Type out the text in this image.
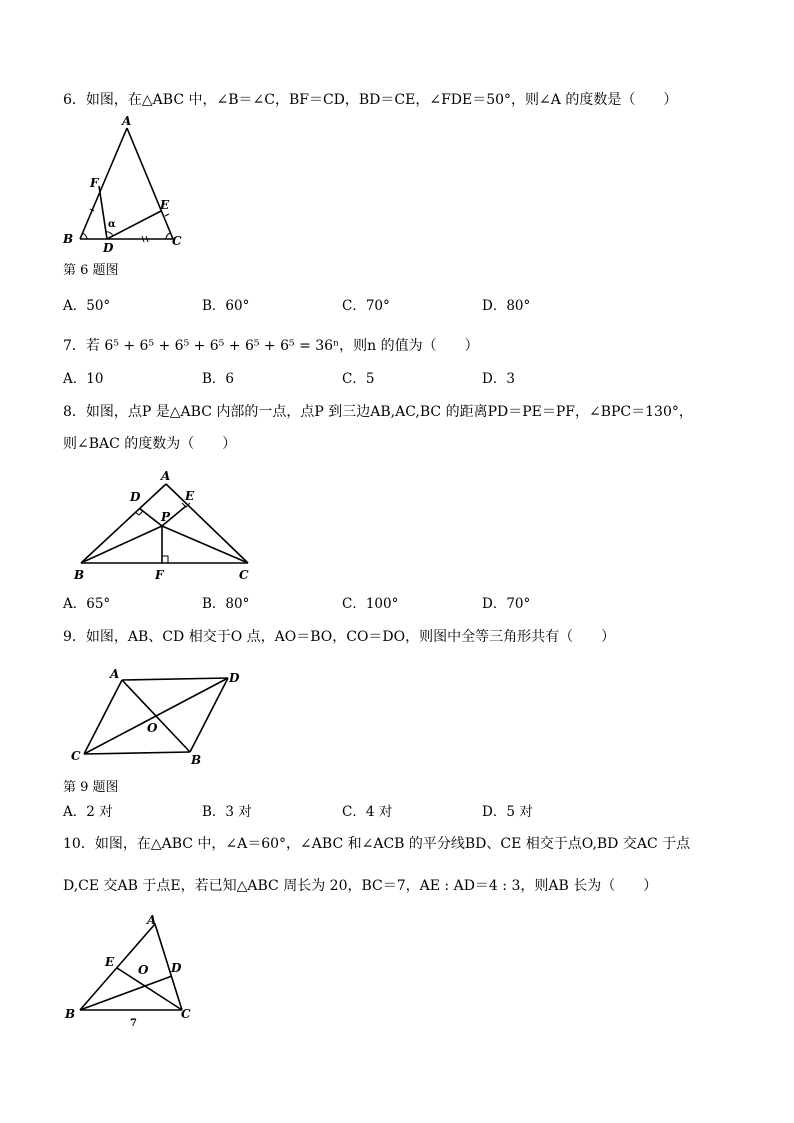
6．如图，在△ABC 中，∠B＝∠C，BF＝CD，BD＝CE，∠FDE＝50°，则∠A 的度数是（　　）
A
F
E
α
B
D	C
第 6 题图
A．50°	B．60°	C．70°	D．80°
7．若 6⁵ + 6⁵ + 6⁵ + 6⁵ + 6⁵ + 6⁵ = 36ⁿ，则n 的值为（　　）
A．10	B．6	C．5	D．3
8．如图，点P 是△ABC 内部的一点，点P 到三边AB,AC,BC 的距离PD＝PE＝PF，∠BPC＝130°，
则∠BAC 的度数为（　　）
A
D	E
P
B	F	C
A．65°	B．80°	C．100°	D．70°
9．如图，AB、CD 相交于O 点，AO＝BO，CO＝DO，则图中全等三角形共有（　　）
A	D
O
C	B
第 9 题图
A．2 对	B．3 对	C．4 对	D．5 对
10．如图，在△ABC 中，∠A＝60°，∠ABC 和∠ACB 的平分线BD、CE 相交于点O,BD 交AC 于点
D,CE 交AB 于点E，若已知△ABC 周长为 20，BC＝7，AE : AD＝4 : 3，则AB 长为（　　）
A
E
O D
B	C
7
